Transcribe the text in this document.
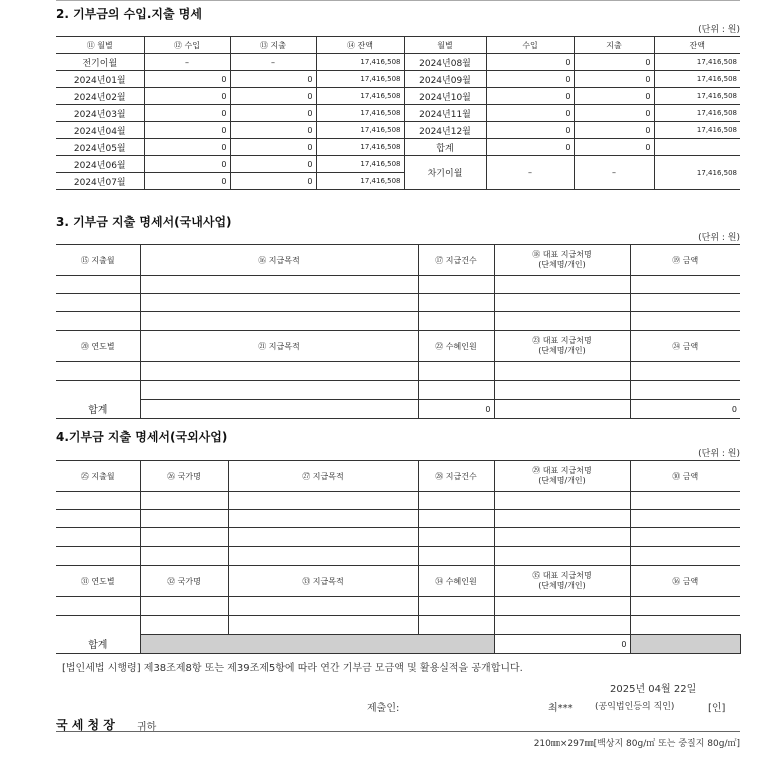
2. 기부금의 수입.지출 명세
(단위 : 원)
⑪ 월별	⑫ 수입	⑬ 지출	⑭ 잔액	월별	수입	지출	잔액
전기이월	–	–	17,416,508	2024년08월	0	0	17,416,508
2024년01월	0	0	17,416,508	2024년09월	0	0	17,416,508
2024년02월	0	0	17,416,508	2024년10월	0	0	17,416,508
2024년03월	0	0	17,416,508	2024년11월	0	0	17,416,508
2024년04월	0	0	17,416,508	2024년12월	0	0	17,416,508
2024년05월	0	0	17,416,508	합계	0	0	
2024년06월	0	0	17,416,508	차기이월	–	–	17,416,508
2024년07월	0	0	17,416,508				
3. 기부금 지출 명세서(국내사업)
(단위 : 원)
⑮ 지출월	⑯ 지급목적	⑰ 지급건수	⑱ 대표 지급처명
(단체명/개인)	⑲ 금액

⑳ 연도별	㉑ 지급목적	㉒ 수혜인원	㉓ 대표 지급처명
(단체명/개인)	㉔ 금액

합계		0		0
4.기부금 지출 명세서(국외사업)
(단위 : 원)
㉕ 지출월	㉖ 국가명	㉗ 지급목적	㉘ 지급건수	㉙ 대표 지급처명
(단체명/개인)	㉚ 금액	

㉛ 연도별	㉜ 국가명	㉝ 지급목적	㉞ 수혜인원	㉟ 대표 지급처명
(단체명/개인)	㊱ 금액	

합계				0		
[법인세법 시행령] 제38조제8항 또는 제39조제5항에 따라 연간 기부금 모금액 및 활용실적을 공개합니다.
2025년 04월 22일
제출인:	최*** (공익법인등의 직인)	[인]
국 세 청 장 귀하
210㎜×297㎜[백상지 80g/㎡ 또는 중질지 80g/㎡]
